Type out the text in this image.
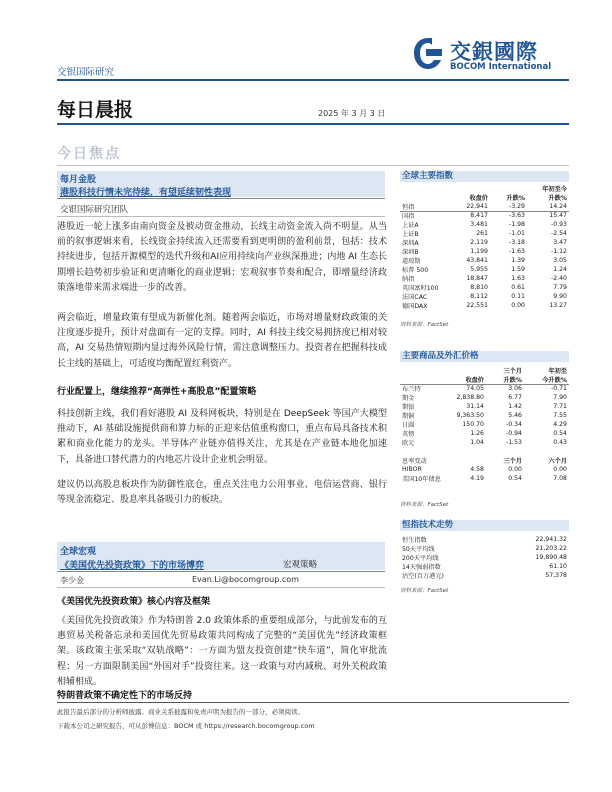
交银国际研究
交銀國際
BOCOM International
每日晨报	2025 年 3 月 3 日
今日焦点
每月金股
港股科技行情未完待续，有望延续韧性表现
交银国际研究团队
港股近一轮上涨多由南向资金及被动资金推动，长线主动资金流入尚不明显。从当前的叙事逻辑来看，长线资金持续流入还需要看到更明朗的盈利前景，包括：技术持续进步，包括开源模型的迭代升级和AI应用持续向产业纵深推进；内地 AI 生态长期增长趋势初步验证和更清晰化的商业逻辑；宏观叙事节奏和配合，即增量经济政策落地带来需求端进一步的改善。
两会临近，增量政策有望成为新催化剂。随着两会临近，市场对增量财政政策的关注度逐步提升，预计对盘面有一定的支撑。同时，AI 科技主线交易拥挤度已相对较高，AI 交易热情短期内显过海外风险行情，需注意调整压力。投资者在把握科技成长主线的基础上，可适度均衡配置红利资产。
行业配置上，继续推荐“高弹性+高股息”配置策略
科技创新主线，我们看好港股 AI 及科网板块，特别是在 DeepSeek 等国产大模型推动下，AI 基础设施提供商和算力标的正迎来估值重构窗口，重点布局具备技术积累和商业化能力的龙头。半导体产业链亦值得关注，尤其是在产业链本地化加速下，具备进口替代潜力的内地芯片设计企业机会明显。
建议仍以高股息板块作为防御性底仓，重点关注电力公用事业、电信运营商、银行等现金流稳定、股息率具备吸引力的板块。
全球宏观
《美国优先投资政策》下的市场博弈	宏观策略
李少金	Evan.Li@bocomgroup.com
《美国优先投资政策》核心内容及框架
《美国优先投资政策》作为特朗普 2.0 政策体系的重要组成部分，与此前发布的互惠贸易关税备忘录和美国优先贸易政策共同构成了完整的“美国优先”经济政策框架。该政策主张采取“双轨战略”：一方面为盟友投资创建“快车道”，简化审批流程；另一方面限制美国“外国对手”投资往来。这一政策与对内减税、对外关税政策相辅相成。
特朗普政策不确定性下的市场反持
全球主要指数
			年初至今
	收盘价	升跌%	升跌%
恒指	22,941	-3.29	14.24
国指	8,417	-3.63	15.47
上证A	3,481	-1.98	-0.93
上证B	261	-1.01	-2.54
深圳A	2,119	-3.18	3.47
深圳B	1,199	-1.63	-1.12
道琼斯	43,841	1.39	3.05
标普 500	5,955	1.59	1.24
纳指	18,847	1.63	-2.40
英国富时100	8,810	0.61	7.79
法国CAC	8,112	0.11	9.90
德国DAX	22,551	0.00	13.27
资料来源：FactSet
主要商品及外汇价格
		三个月	年初至
	收盘价	升跌%	今升跌%
布兰特	74.05	3.06	-0.71
期金	2,838.80	6.77	7.90
期银	31.14	1.42	7.71
期铜	9,363.50	5.46	7.55
日圆	150.70	-0.34	4.29
英镑	1.26	-0.94	0.54
欧元	1.04	-1.53	0.43

息率变动		三个月	六个月
HIBOR	4.58	0.00	0.00
美国10年债息	4.19	0.54	7.08
资料来源：FactSet
恒指技术走势
恒生指数	22,941.32
50天平均线	21,203.22
200天平均线	19,890.48
14天强弱指数	61.10
沽空(百万港元)	57,378
资料来源：FactSet
此报告最后部分的分析师披露、商业关系披露和免责声明为报告的一部分，必须阅读。
下载本公司之研究报告，可从彭博信息：BOCM 或 https://research.bocomgroup.com
